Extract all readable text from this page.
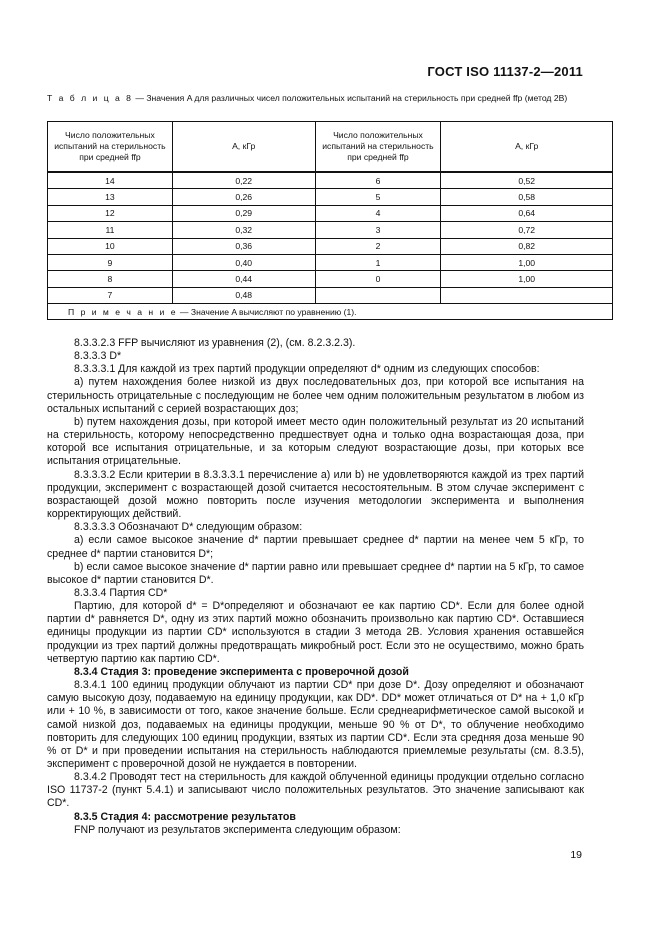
ГОСТ ISO 11137-2—2011
Т а б л и ц а 8 — Значения A для различных чисел положительных испытаний на стерильность при средней ffp (метод 2B)
Число положительных испытаний на стерильность при средней ffp	A, кГр	Число положительных испытаний на стерильность при средней ffp	A, кГр
14	0,22	6	0,52
13	0,26	5	0,58
12	0,29	4	0,64
11	0,32	3	0,72
10	0,36	2	0,82
9	0,40	1	1,00
8	0,44	0	1,00
7	0,48		
П р и м е ч а н и е — Значение A вычисляют по уравнению (1).			

8.3.3.2.3 FFP вычисляют из уравнения (2), (см. 8.2.3.2.3).

8.3.3.3 D*

8.3.3.3.1 Для каждой из трех партий продукции определяют d* одним из следующих способов:

a) путем нахождения более низкой из двух последовательных доз, при которой все испытания на стерильность отрицательные с последующим не более чем одним положительным результатом в любом из остальных испытаний с серией возрастающих доз;

b) путем нахождения дозы, при которой имеет место один положительный результат из 20 испытаний на стерильность, которому непосредственно предшествует одна и только одна возрастающая доза, при которой все испытания отрицательные, и за которым следуют возрастающие дозы, при которых все испытания отрицательные.

8.3.3.3.2 Если критерии в 8.3.3.3.1 перечисление a) или b) не удовлетворяются каждой из трех партий продукции, эксперимент с возрастающей дозой считается несостоятельным. В этом случае эксперимент с возрастающей дозой можно повторить после изучения методологии эксперимента и выполнения корректирующих действий.

8.3.3.3.3 Обозначают D* следующим образом:

a) если самое высокое значение d* партии превышает среднее d* партии на менее чем 5 кГр, то среднее d* партии становится D*;

b) если самое высокое значение d* партии равно или превышает среднее d* партии на 5 кГр, то самое высокое d* партии становится D*.

8.3.3.4 Партия CD*

Партию, для которой d* = D*определяют и обозначают ее как партию CD*. Если для более одной партии d* равняется D*, одну из этих партий можно обозначить произвольно как партию CD*. Оставшиеся единицы продукции из партии CD* используются в стадии 3 метода 2B. Условия хранения оставшейся продукции из трех партий должны предотвращать микробный рост. Если это не осуществимо, можно брать четвертую партию как партию CD*.

8.3.4 Стадия 3: проведение эксперимента с проверочной дозой

8.3.4.1 100 единиц продукции облучают из партии CD* при дозе D*. Дозу определяют и обозначают самую высокую дозу, подаваемую на единицу продукции, как DD*. DD* может отличаться от D* на + 1,0 кГр или + 10 %, в зависимости от того, какое значение больше. Если среднеарифметическое самой высокой и самой низкой доз, подаваемых на единицы продукции, меньше 90 % от D*, то облучение необходимо повторить для следующих 100 единиц продукции, взятых из партии CD*. Если эта средняя доза меньше 90 % от D* и при проведении испытания на стерильность наблюдаются приемлемые результаты (см. 8.3.5), эксперимент с проверочной дозой не нуждается в повторении.

8.3.4.2 Проводят тест на стерильность для каждой облученной единицы продукции отдельно согласно ISO 11737-2 (пункт 5.4.1) и записывают число положительных результатов. Это значение записывают как CD*.

8.3.5 Стадия 4: рассмотрение результатов

FNP получают из результатов эксперимента следующим образом:

19
